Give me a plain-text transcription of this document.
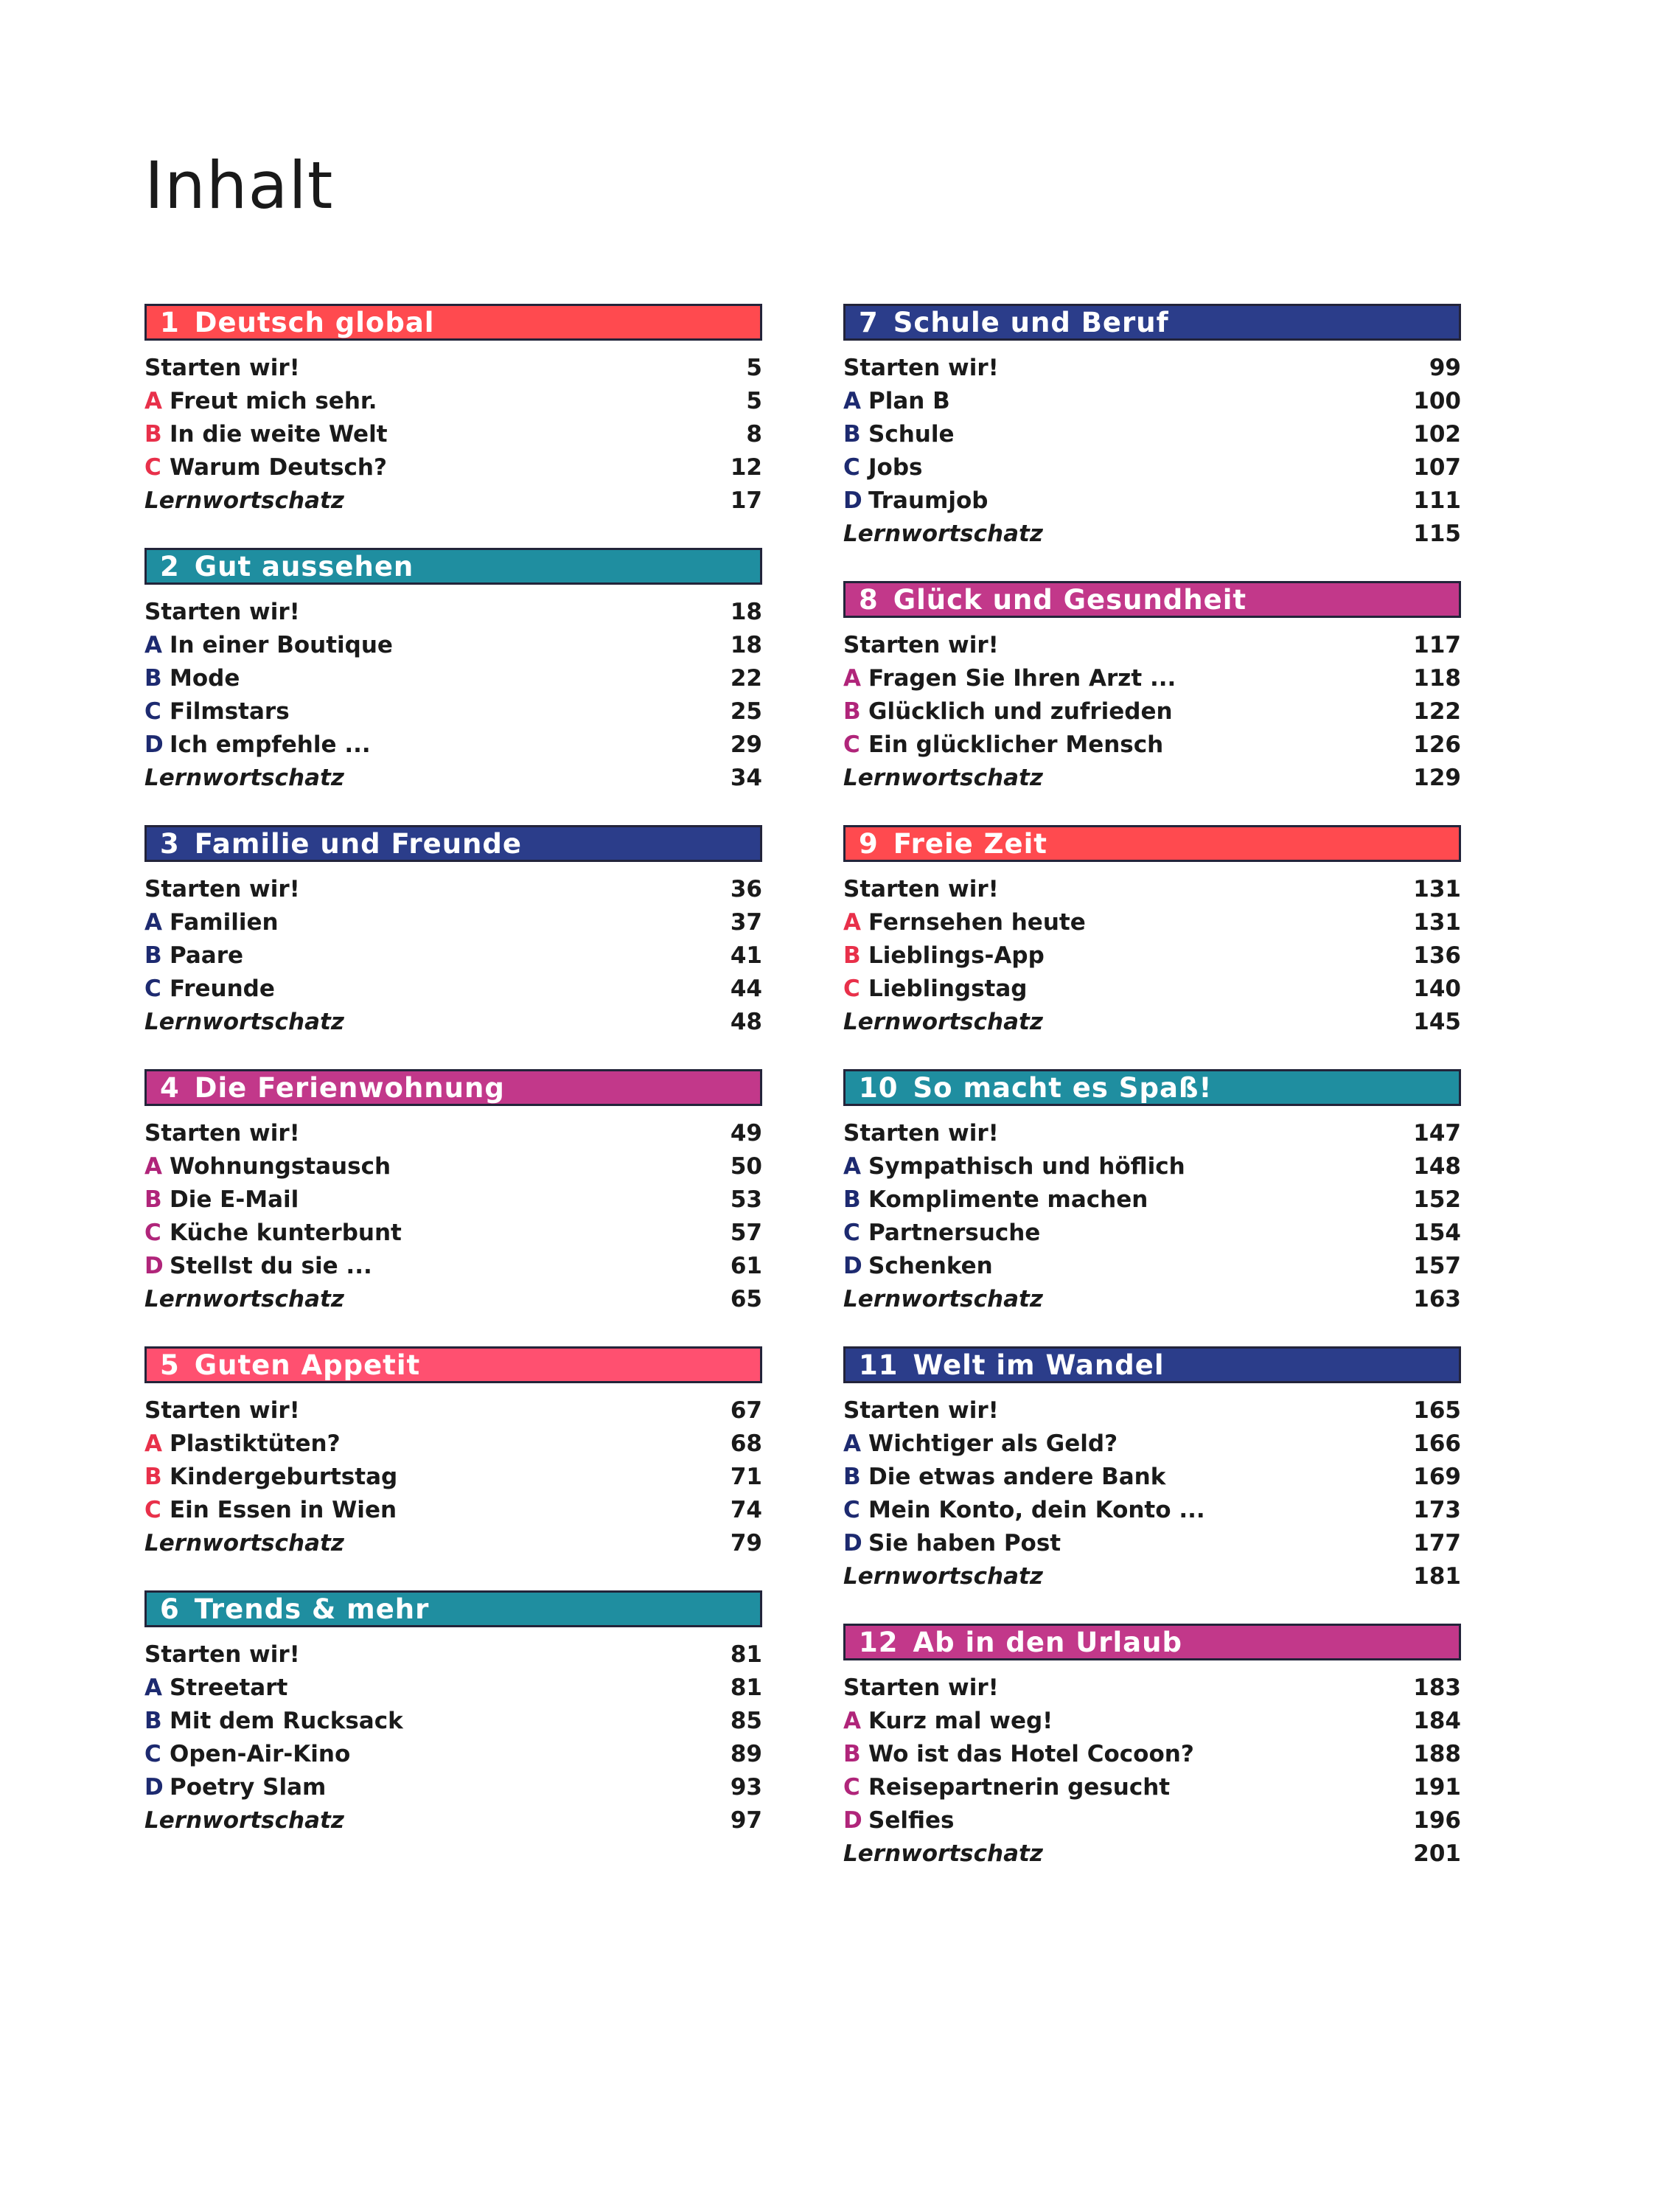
Inhalt
1 Deutsch global
Starten wir!	5
A Freut mich sehr.	5
B In die weite Welt	8
C Warum Deutsch?	12
Lernwortschatz	17
2 Gut aussehen
Starten wir!	18
A In einer Boutique	18
B Mode	22
C Filmstars	25
D Ich empfehle ...	29
Lernwortschatz	34
3 Familie und Freunde
Starten wir!	36
A Familien	37
B Paare	41
C Freunde	44
Lernwortschatz	48
4 Die Ferienwohnung
Starten wir!	49
A Wohnungstausch	50
B Die E-Mail	53
C Küche kunterbunt	57
D Stellst du sie ...	61
Lernwortschatz	65
5 Guten Appetit
Starten wir!	67
A Plastiktüten?	68
B Kindergeburtstag	71
C Ein Essen in Wien	74
Lernwortschatz	79
6 Trends & mehr
Starten wir!	81
A Streetart	81
B Mit dem Rucksack	85
C Open-Air-Kino	89
D Poetry Slam	93
Lernwortschatz	97
7 Schule und Beruf
Starten wir!	99
A Plan B	100
B Schule	102
C Jobs	107
D Traumjob	111
Lernwortschatz	115
8 Glück und Gesundheit
Starten wir!	117
A Fragen Sie Ihren Arzt ...	118
B Glücklich und zufrieden	122
C Ein glücklicher Mensch	126
Lernwortschatz	129
9 Freie Zeit
Starten wir!	131
A Fernsehen heute	131
B Lieblings-App	136
C Lieblingstag	140
Lernwortschatz	145
10 So macht es Spaß!
Starten wir!	147
A Sympathisch und höflich	148
B Komplimente machen	152
C Partnersuche	154
D Schenken	157
Lernwortschatz	163
11 Welt im Wandel
Starten wir!	165
A Wichtiger als Geld?	166
B Die etwas andere Bank	169
C Mein Konto, dein Konto ...	173
D Sie haben Post	177
Lernwortschatz	181
12 Ab in den Urlaub
Starten wir!	183
A Kurz mal weg!	184
B Wo ist das Hotel Cocoon?	188
C Reisepartnerin gesucht	191
D Selfies	196
Lernwortschatz	201
